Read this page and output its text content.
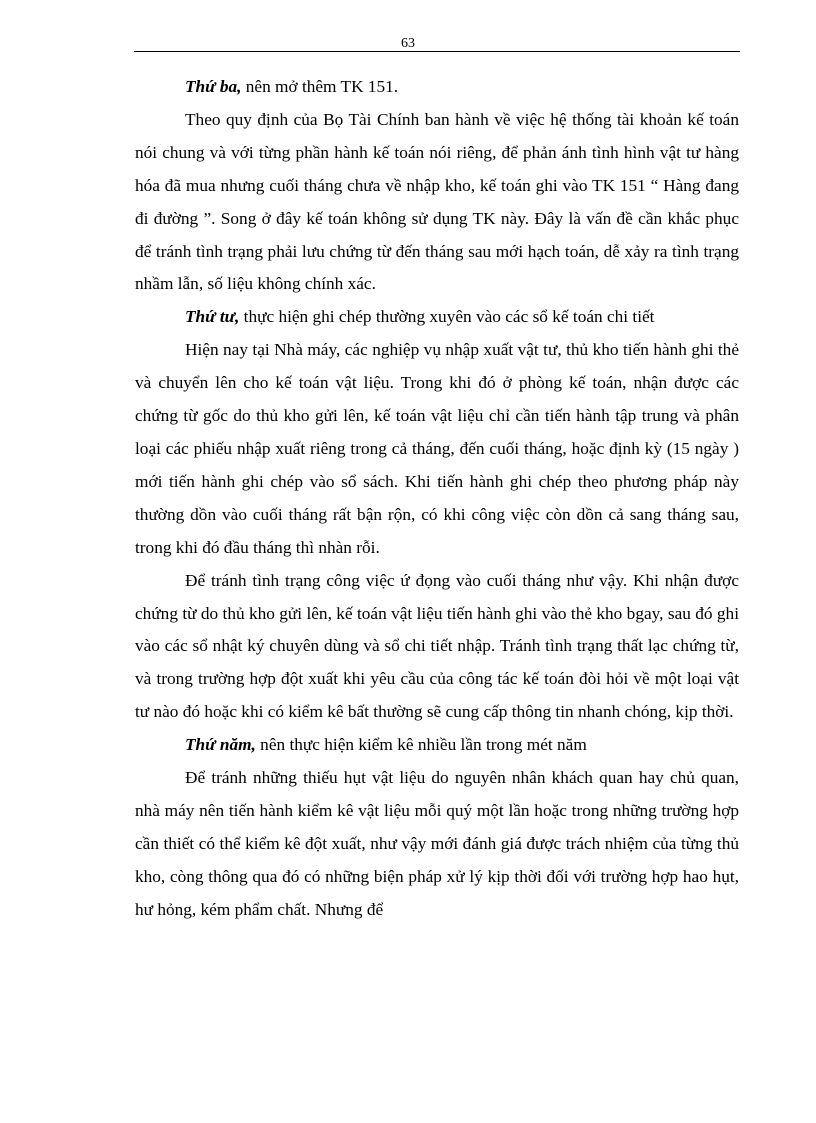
63

Thứ ba, nên mở thêm TK 151.

Theo quy định của Bọ Tài Chính ban hành về việc hệ thống tài khoản kế toán nói chung và với từng phần hành kế toán nói riêng, để phản ánh tình hình vật tư hàng hóa đã mua nhưng cuối tháng chưa về nhập kho, kế toán ghi vào TK 151 “ Hàng đang đi đường ”. Song ở đây kế toán không sử dụng TK này. Đây là vấn đề cần khắc phục để tránh tình trạng phải lưu chứng từ đến tháng sau mới hạch toán, dễ xảy ra tình trạng nhầm lẫn, số liệu không chính xác.

Thứ tư, thực hiện ghi chép thường xuyên vào các sổ kế toán chi tiết

Hiện nay tại Nhà máy, các nghiệp vụ nhập xuất vật tư, thủ kho tiến hành ghi thẻ và chuyển lên cho kế toán vật liệu. Trong khi đó ở phòng kế toán, nhận được các chứng từ gốc do thủ kho gửi lên, kế toán vật liệu chỉ cần tiến hành tập trung và phân loại các phiếu nhập xuất riêng trong cả tháng, đến cuối tháng, hoặc định kỳ (15 ngày ) mới tiến hành ghi chép vào sổ sách. Khi tiến hành ghi chép theo phương pháp này thường dồn vào cuối tháng rất bận rộn, có khi công việc còn dồn cả sang tháng sau, trong khi đó đầu tháng thì nhàn rỗi.

Để tránh tình trạng công việc ứ đọng vào cuối tháng như vậy. Khi nhận được chứng từ do thủ kho gửi lên, kế toán vật liệu tiến hành ghi vào thẻ kho bgay, sau đó ghi vào các sổ nhật ký chuyên dùng và sổ chi tiết nhập. Tránh tình trạng thất lạc chứng từ, và trong trường hợp đột xuất khi yêu cầu của công tác kế toán đòi hỏi về một loại vật tư nào đó hoặc khi có kiểm kê bất thường sẽ cung cấp thông tin nhanh chóng, kịp thời.

Thứ năm, nên thực hiện kiểm kê nhiều lần trong mét năm

Để tránh những thiếu hụt vật liệu do nguyên nhân khách quan hay chủ quan, nhà máy nên tiến hành kiểm kê vật liệu mỗi quý một lần hoặc trong những trường hợp cần thiết có thể kiểm kê đột xuất, như vậy mới đánh giá được trách nhiệm của từng thủ kho, còng thông qua đó có những biện pháp xử lý kịp thời đối với trường hợp hao hụt, hư hỏng, kém phẩm chất. Nhưng để
